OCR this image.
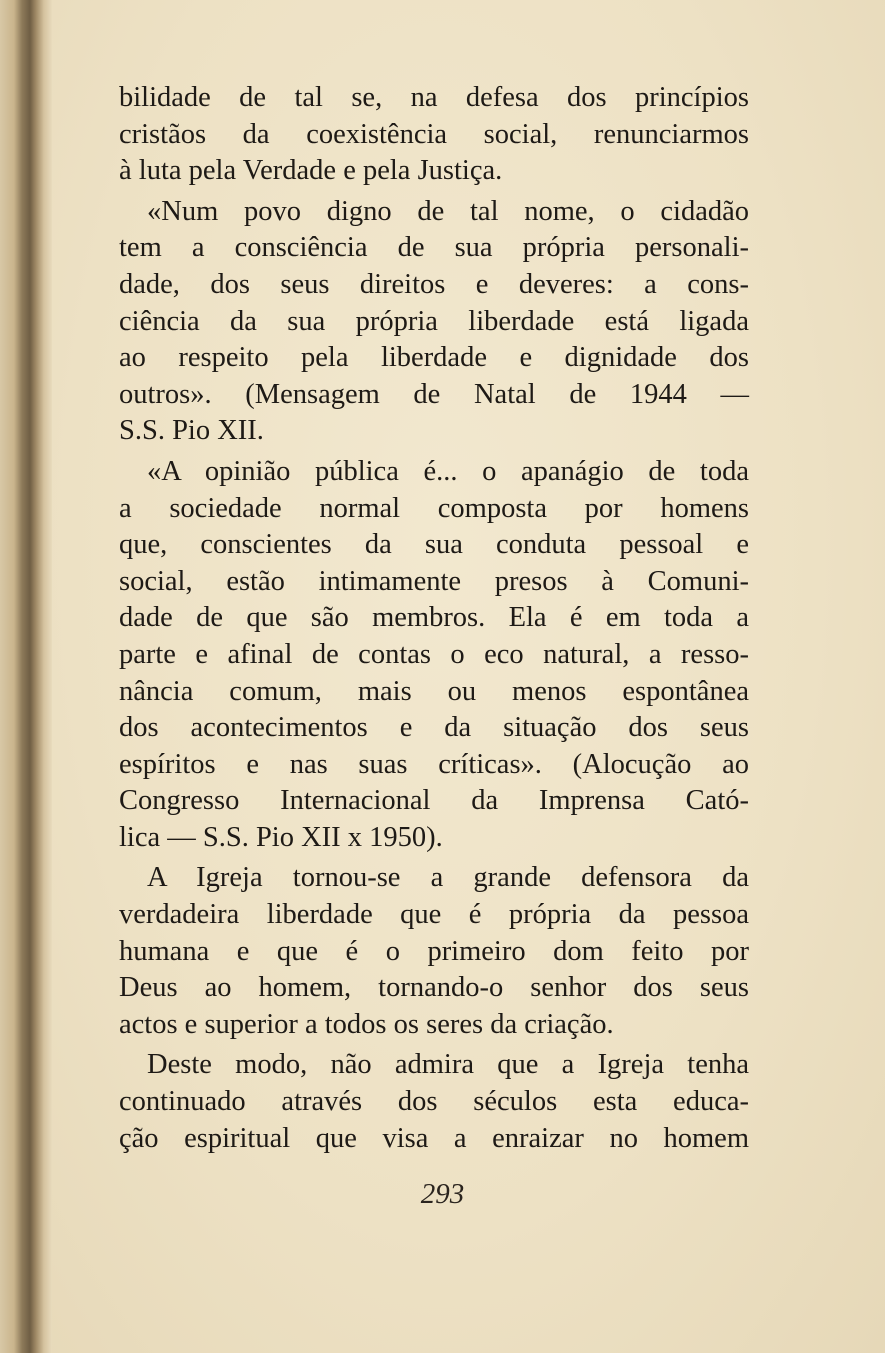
bilidade de tal se, na defesa dos princípios
cristãos da coexistência social, renunciarmos
à luta pela Verdade e pela Justiça.
«Num povo digno de tal nome, o cidadão
tem a consciência de sua própria personali-
dade, dos seus direitos e deveres: a cons-
ciência da sua própria liberdade está ligada
ao respeito pela liberdade e dignidade dos
outros». (Mensagem de Natal de 1944 —
S.S. Pio XII.
«A opinião pública é... o apanágio de toda
a sociedade normal composta por homens
que, conscientes da sua conduta pessoal e
social, estão intimamente presos à Comuni-
dade de que são membros. Ela é em toda a
parte e afinal de contas o eco natural, a resso-
nância comum, mais ou menos espontânea
dos acontecimentos e da situação dos seus
espíritos e nas suas críticas». (Alocução ao
Congresso Internacional da Imprensa Cató-
lica — S.S. Pio XII x 1950).
A Igreja tornou-se a grande defensora da
verdadeira liberdade que é própria da pessoa
humana e que é o primeiro dom feito por
Deus ao homem, tornando-o senhor dos seus
actos e superior a todos os seres da criação.
Deste modo, não admira que a Igreja tenha
continuado através dos séculos esta educa-
ção espiritual que visa a enraizar no homem
293
